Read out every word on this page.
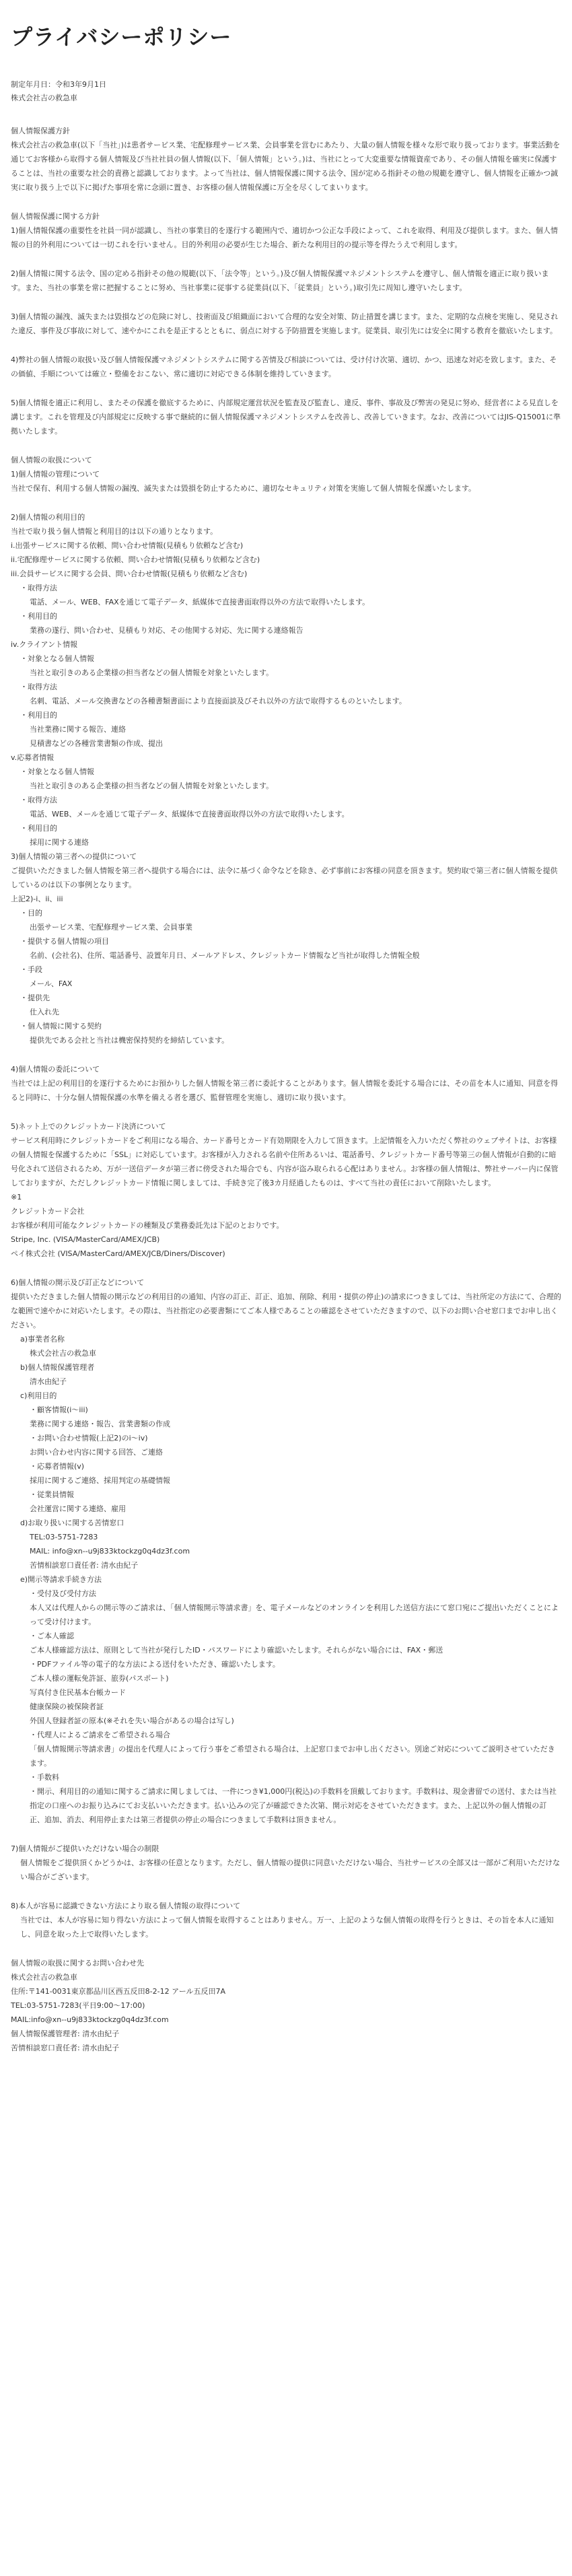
プライバシーポリシー

制定年月日：令和3年9月1日

株式会社吉の救急車

個人情報保護方針
株式会社吉の救急車(以下「当社」)は患者サービス業、宅配修理サービス業、会員事業を営むにあたり、大量の個人情報を様々な形で取り扱っております。事業活動を通じてお客様から取得する個人情報及び当社社員の個人情報(以下、「個人情報」という。)は、当社にとって大変重要な情報資産であり、その個人情報を確実に保護することは、当社の重要な社会的責務と認識しております。よって当社は、個人情報保護に関する法令、国が定める指針その他の規範を遵守し、個人情報を正確かつ誠実に取り扱う上で以下に掲げた事項を常に念頭に置き、お客様の個人情報保護に万全を尽くしてまいります。
個人情報保護に関する方針
1)個人情報保護の重要性を社員一同が認識し、当社の事業目的を遂行する範囲内で、適切かつ公正な手段によって、これを取得、利用及び提供します。また、個人情報の目的外利用については一切これを行いません。目的外利用の必要が生じた場合、新たな利用目的の提示等を得たうえで利用します。
2)個人情報に関する法令、国の定める指針その他の規範(以下、「法令等」という。)及び個人情報保護マネジメントシステムを遵守し、個人情報を適正に取り扱います。また、当社の事業を常に把握することに努め、当社事業に従事する従業員(以下、「従業員」という。)取引先に周知し遵守いたします。
3)個人情報の漏洩、滅失または毀損などの危険に対し、技術面及び組織面において合理的な安全対策、防止措置を講じます。また、定期的な点検を実施し、発見された違反、事件及び事故に対して、速やかにこれを是正するとともに、弱点に対する予防措置を実施します。従業員、取引先には安全に関する教育を徹底いたします。
4)弊社の個人情報の取扱い及び個人情報保護マネジメントシステムに関する苦情及び相談については、受け付け次第、適切、かつ、迅速な対応を致します。また、その価値、手順については確立・整備をおこない、常に適切に対応できる体制を維持していきます。
5)個人情報を適正に利用し、またその保護を徹底するために、内部規定運営状況を監査及び監査し、違反、事件、事故及び弊害の発見に努め、経営者による見直しを講じます。これを管理及び内部規定に反映する事で継続的に個人情報保護マネジメントシステムを改善し、改善していきます。なお、改善についてはJIS-Q15001に準拠いたします。
個人情報の取扱について
1)個人情報の管理について
当社で保有、利用する個人情報の漏洩、滅失または毀損を防止するために、適切なセキュリティ対策を実施して個人情報を保護いたします。
2)個人情報の利用目的
当社で取り扱う個人情報と利用目的は以下の通りとなります。
i.出張サービスに関する依頼、問い合わせ情報(見積もり依頼など含む)
ii.宅配修理サービスに関する依頼、問い合わせ情報(見積もり依頼など含む)
iii.会員サービスに関する会員、問い合わせ情報(見積もり依頼など含む)
・取得方法
電話、メール、WEB、FAXを通じて電子データ、紙媒体で直接書面取得以外の方法で取得いたします。
・利用目的
業務の遂行、問い合わせ、見積もり対応、その他関する対応、先に関する連絡報告
iv.クライアント情報
・対象となる個人情報
当社と取引きのある企業様の担当者などの個人情報を対象といたします。
・取得方法
名刺、電話、メール交換書などの各種書類書面により直接面談及びそれ以外の方法で取得するものといたします。
・利用目的
当社業務に関する報告、連絡
見積書などの各種営業書類の作成、提出
v.応募者情報
・対象となる個人情報
当社と取引きのある企業様の担当者などの個人情報を対象といたします。
・取得方法
電話、WEB、メールを通じて電子データ、紙媒体で直接書面取得以外の方法で取得いたします。
・利用目的
採用に関する連絡
3)個人情報の第三者への提供について
ご提供いただきました個人情報を第三者へ提供する場合には、法令に基づく命令などを除き、必ず事前にお客様の同意を頂きます。契約取で第三者に個人情報を提供しているのは以下の事例となります。
上記2)-i、ii、iii
・目的
出張サービス業、宅配修理サービス業、会員事業
・提供する個人情報の項目
名前、(会社名)、住所、電話番号、設置年月日、メールアドレス、クレジットカード情報など当社が取得した情報全般
・手段
メール、FAX
・提供先
仕入れ先
・個人情報に関する契約
提供先である会社と当社は機密保持契約を締結しています。
4)個人情報の委託について
当社では上記の利用目的を遂行するためにお預かりした個人情報を第三者に委託することがあります。個人情報を委託する場合には、その苗を本人に通知、同意を得ると同時に、十分な個人情報保護の水準を備える者を選び、監督管理を実施し、適切に取り扱います。
5)ネット上でのクレジットカード決済について
サービス利用時にクレジットカードをご利用になる場合、カード番号とカード有効期限を入力して頂きます。上記情報を入力いただく弊社のウェブサイトは、お客様の個人情報を保護するために「SSL」に対応しています。お客様が入力される名前や住所あるいは、電話番号、クレジットカード番号等第三の個人情報が自動的に暗号化されて送信されるため、万が一送信データが第三者に傍受された場合でも、内容が盗み取られる心配はありません。お客様の個人情報は、弊社サーバー内に保管しておりますが、ただしクレジットカード情報に関しましては、手続き完了後3カ月経過したものは、すべて当社の責任において削除いたします。
※1
クレジットカード会社
お客様が利用可能なクレジットカードの種類及び業務委託先は下記のとおりです。
Stripe, Inc. (VISA/MasterCard/AMEX/JCB)
ペイ株式会社 (VISA/MasterCard/AMEX/JCB/Diners/Discover)
6)個人情報の開示及び訂正などについて
提供いただきました個人情報の開示などの利用目的の通知、内容の訂正、訂正、追加、削除、利用・提供の停止)の請求につきましては、当社所定の方法にて、合理的な範囲で速やかに対応いたします。その際は、当社指定の必要書類にてご本人様であることの確認をさせていただきますので、以下のお問い合せ窓口までお申し出ください。
a)事業者名称
株式会社吉の救急車
b)個人情報保護管理者
清水由紀子
c)利用目的
・顧客情報(i～iii)
業務に関する連絡・報告、営業書類の作成
・お問い合わせ情報(上記2)のi～iv)
お問い合わせ内容に関する回答、ご連絡
・応募者情報(v)
採用に関するご連絡、採用判定の基礎情報
・従業員情報
会社運営に関する連絡、雇用
d)お取り扱いに関する苦情窓口
TEL:03-5751-7283
MAIL: info@xn--u9j833ktockzg0q4dz3f.com
苦情相談窓口責任者: 清水由紀子
e)開示等請求手続き方法
・受付及び受付方法
本人又は代理人からの開示等のご請求は、「個人情報開示等請求書」を、電子メールなどのオンラインを利用した送信方法にて窓口宛にご提出いただくことによって受け付けます。
・ご本人確認
ご本人様確認方法は、原則として当社が発行したID・パスワードにより確認いたします。それらがない場合には、FAX・郵送
・PDFファイル等の電子的な方法による送付をいただき、確認いたします。
ご本人様の運転免許証、旅券(パスポート)
写真付き住民基本台帳カード
健康保険の被保険者証
外国人登録者証の原本(※それを失い場合があるの場合は写し)
・代理人によるご請求をご希望される場合
「個人情報開示等請求書」の提出を代理人によって行う事をご希望される場合は、上記窓口までお申し出ください。別途ご対応についてご説明させていただきます。
・手数料
・開示、利用目的の通知に関するご請求に関しましては、一件につき¥1,000円(税込)の手数料を頂戴しております。手数料は、現金書留での送付、または当社指定の口座へのお振り込みにてお支払いいただきます。払い込みの完了が確認できた次第、開示対応をさせていただきます。また、上記以外の個人情報の訂正、追加、消去、利用停止または第三者提供の停止の場合につきまして手数料は頂きません。
7)個人情報がご提供いただけない場合の制限
個人情報をご提供頂くかどうかは、お客様の任意となります。ただし、個人情報の提供に同意いただけない場合、当社サービスの全部又は一部がご利用いただけない場合がございます。
8)本人が容易に認識できない方法により取る個人情報の取得について
当社では、本人が容易に知り得ない方法によって個人情報を取得することはありません。万一、上記のような個人情報の取得を行うときは、その旨を本人に通知し、同意を取った上で取得いたします。
個人情報の取扱に関するお問い合わせ先
株式会社吉の救急車
住所:〒141-0031東京都品川区西五反田8-2-12 アール五反田7A
TEL:03-5751-7283(平日9:00～17:00)
MAIL:info@xn--u9j833ktockzg0q4dz3f.com
個人情報保護管理者: 清水由紀子
苦情相談窓口責任者: 清水由紀子
